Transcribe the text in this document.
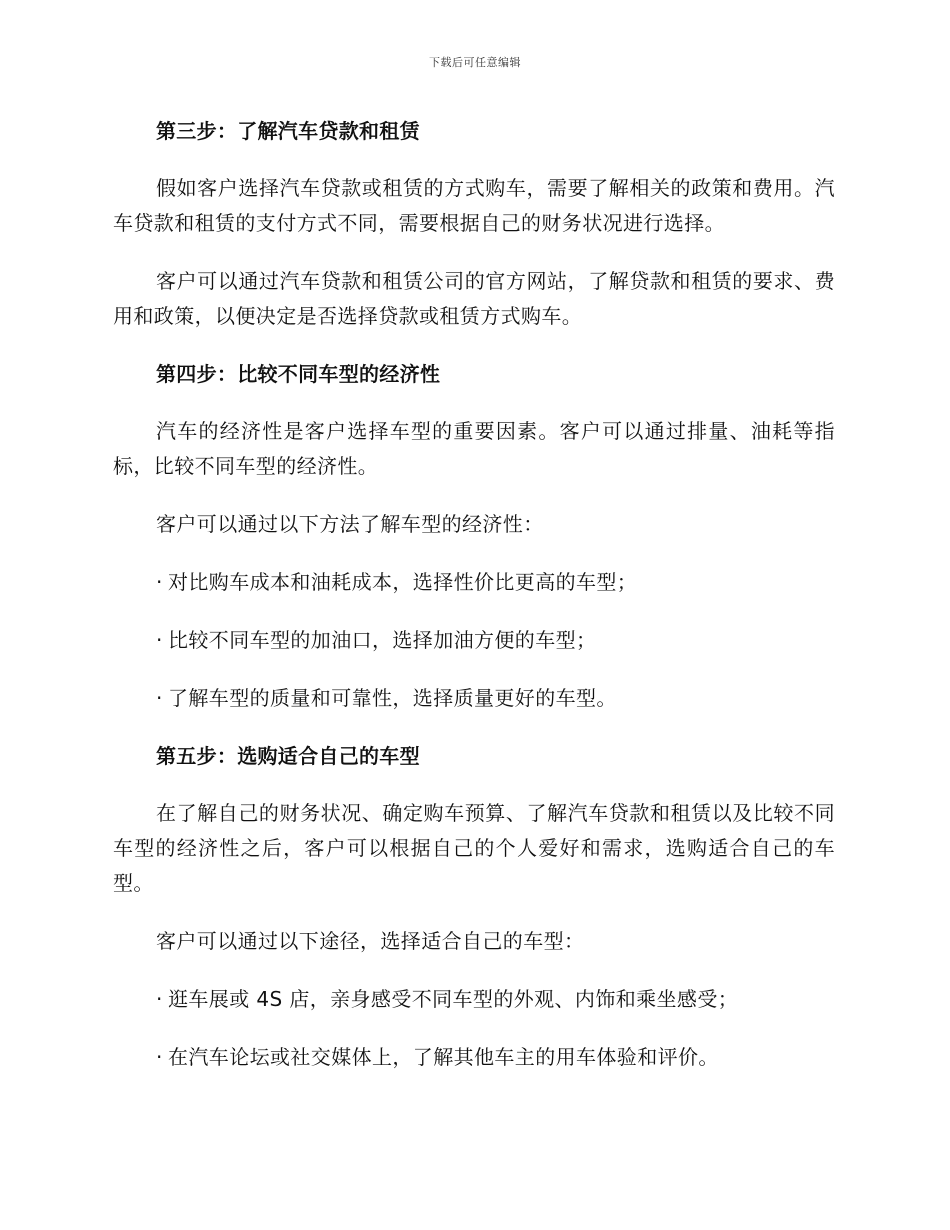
下载后可任意编辑
第三步：了解汽车贷款和租赁

假如客户选择汽车贷款或租赁的方式购车，需要了解相关的政策和费用。汽车贷款和租赁的支付方式不同，需要根据自己的财务状况进行选择。

客户可以通过汽车贷款和租赁公司的官方网站，了解贷款和租赁的要求、费用和政策，以便决定是否选择贷款或租赁方式购车。

第四步：比较不同车型的经济性

汽车的经济性是客户选择车型的重要因素。客户可以通过排量、油耗等指标，比较不同车型的经济性。

客户可以通过以下方法了解车型的经济性：

· 对比购车成本和油耗成本，选择性价比更高的车型；
· 比较不同车型的加油口，选择加油方便的车型；
· 了解车型的质量和可靠性，选择质量更好的车型。
第五步：选购适合自己的车型

在了解自己的财务状况、确定购车预算、了解汽车贷款和租赁以及比较不同车型的经济性之后，客户可以根据自己的个人爱好和需求，选购适合自己的车型。

客户可以通过以下途径，选择适合自己的车型：

· 逛车展或 4S 店，亲身感受不同车型的外观、内饰和乘坐感受；
· 在汽车论坛或社交媒体上，了解其他车主的用车体验和评价。
